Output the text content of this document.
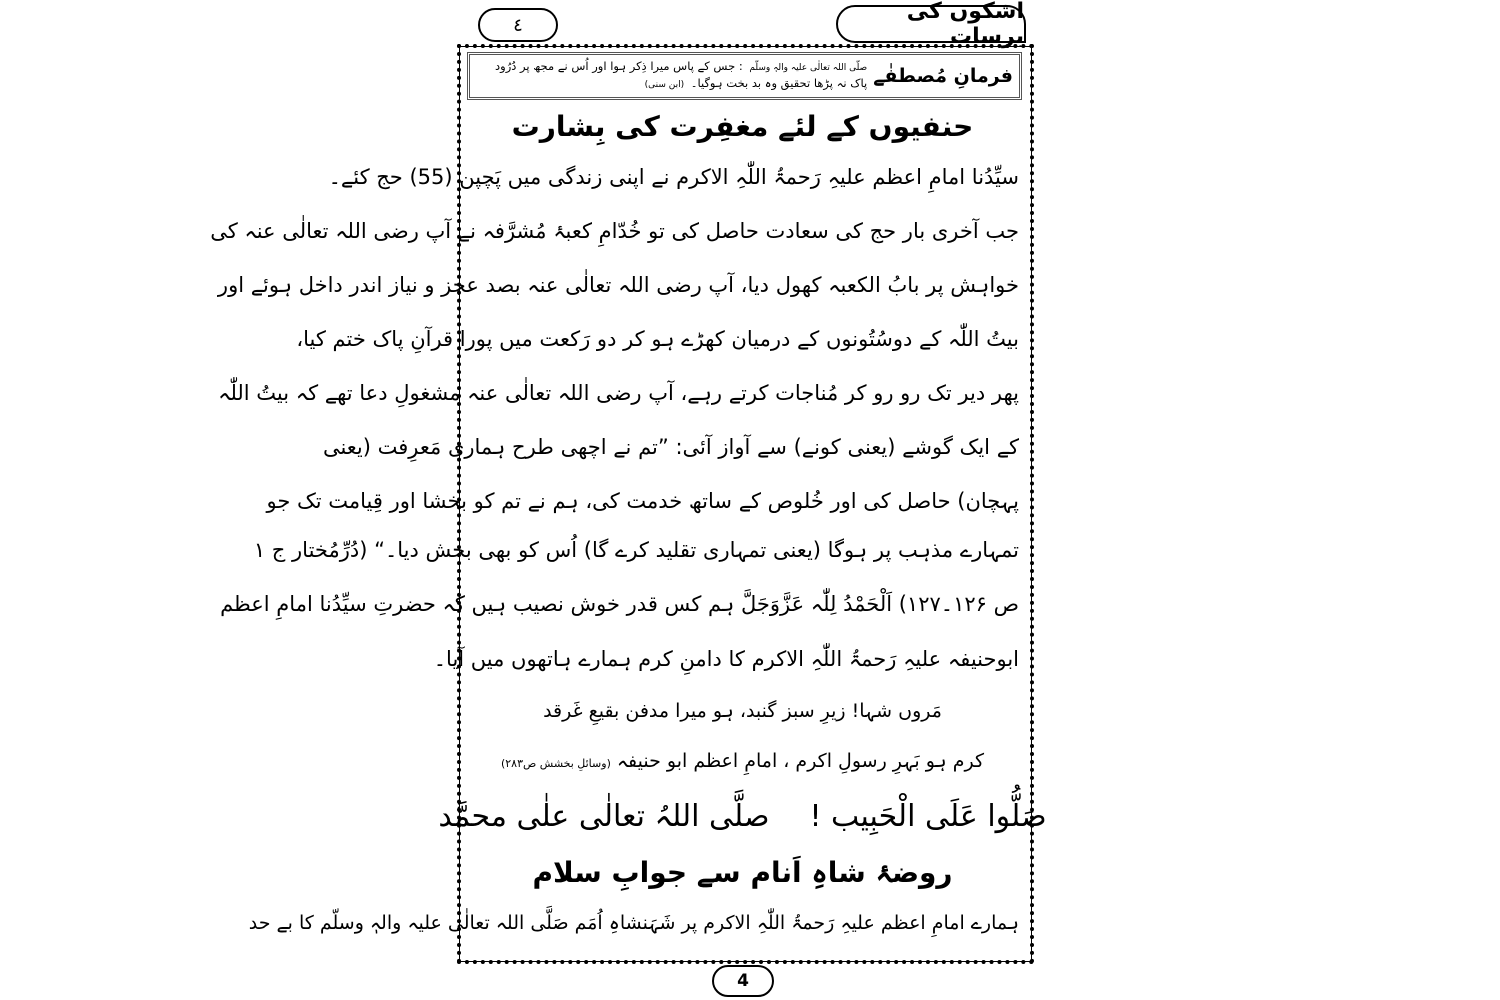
٤
اشکوں کی برسات
فرمانِ مُصطفٰے
صلّی اللہ تعالٰی علیہ والہٖ وسلّم : جس کے پاس میرا ذِکر ہوا اور اُس نے مجھ پر دُرُود پاک نہ پڑھا تحقیق وہ بد بخت ہوگیا۔ (ابن سنی)
حنفیوں کے لئے مغفِرت کی بِشارت
سیِّدُنا امامِ اعظم علیہِ رَحمۃُ اللّٰہِ الاکرم نے اپنی زندگی میں پَچپن (55) حج کئے۔
جب آخری بار حج کی سعادت حاصل کی تو خُدّامِ کعبۂ مُشرَّفہ نے آپ رضی اللہ تعالٰی عنہ کی
خواہش پر بابُ الکعبہ کھول دیا، آپ رضی اللہ تعالٰی عنہ بصد عجز و نیاز اندر داخل ہوئے اور
بیتُ اللّٰہ کے دوسُتُونوں کے درمیان کھڑے ہو کر دو رَکعت میں پورا قرآنِ پاک ختم کیا،
پھر دیر تک رو رو کر مُناجات کرتے رہے، آپ رضی اللہ تعالٰی عنہ مشغولِ دعا تھے کہ بیتُ اللّٰہ
کے ایک گوشے (یعنی کونے) سے آواز آئی: ”تم نے اچھی طرح ہماری مَعرِفت (یعنی
پہچان) حاصل کی اور خُلوص کے ساتھ خدمت کی، ہم نے تم کو بخشا اور قِیامت تک جو
تمہارے مذہب پر ہوگا (یعنی تمہاری تقلید کرے گا) اُس کو بھی بخش دیا۔“ (دُرِّمُختار ج ۱
ص ۱۲۶۔۱۲۷) اَلْحَمْدُ لِلّٰہ عَزَّوَجَلَّ ہم کس قدر خوش نصیب ہیں کہ حضرتِ سیِّدُنا امامِ اعظم
ابوحنیفہ علیہِ رَحمۃُ اللّٰہِ الاکرم کا دامنِ کرم ہمارے ہاتھوں میں آیا۔
مَروں شہا! زیرِ سبز گنبد، ہو میرا مدفن بقیعِ غَرقد
کرم ہو بَہرِ رسولِ اکرم ، امامِ اعظم ابو حنیفہ (وسائلِ بخشش ص۲۸۳)
صَلُّوا عَلَی الْحَبِیب !
صلَّی اللہُ تعالٰی علٰی محمَّد
روضۂ شاہِ اَنام سے جوابِ سلام
ہمارے امامِ اعظم علیہِ رَحمۃُ اللّٰہِ الاکرم پر شَہَنشاہِ اُمَم صَلَّی اللہ تعالٰی علیہ والہٖ وسلّم کا بے حد
4
